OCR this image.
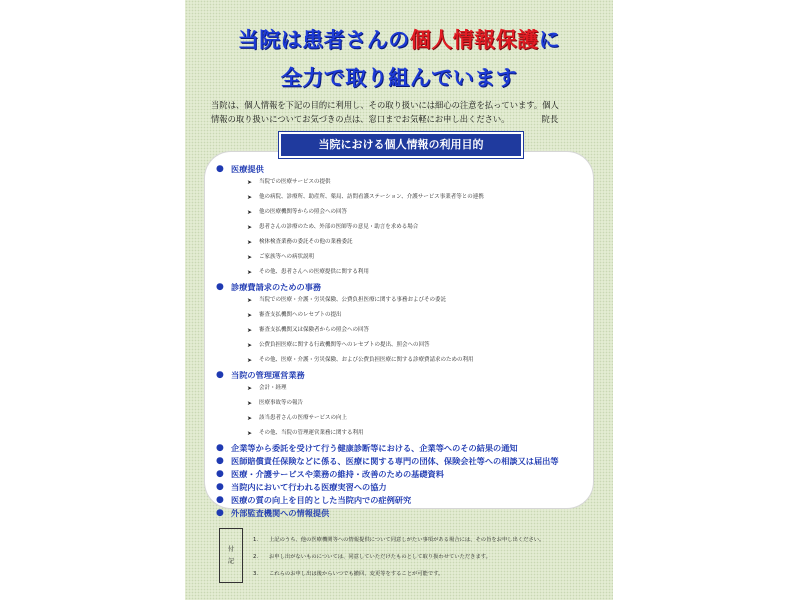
当院は患者さんの個人情報保護に
全力で取り組んでいます
当院は、個人情報を下記の目的に利用し、その取り扱いには細心の注意を払っています。個人
情報の取り扱いについてお気づきの点は、窓口までお気軽にお申し出ください。	院長
当院における個人情報の利用目的
● 医療提供
➤ 当院での医療サービスの提供
➤ 他の病院、診療所、助産所、薬局、訪問看護ステーション、介護サービス事業者等との連携
➤ 他の医療機関等からの照会への回答
➤ 患者さんの診療のため、外部の医師等の意見・助言を求める場合
➤ 検体検査業務の委託その他の業務委託
➤ ご家族等への病状説明
➤ その他、患者さんへの医療提供に関する利用
● 診療費請求のための事務
➤ 当院での医療・介護・労災保険、公費負担医療に関する事務およびその委託
➤ 審査支払機関へのレセプトの提出
➤ 審査支払機関又は保険者からの照会への回答
➤ 公費負担医療に関する行政機関等へのレセプトの提出、照会への回答
➤ その他、医療・介護・労災保険、および公費負担医療に関する診療費請求のための利用
● 当院の管理運営業務
➤ 会計・経理
➤ 医療事故等の報告
➤ 該当患者さんの医療サービスの向上
➤ その他、当院の管理運営業務に関する利用
● 企業等から委託を受けて行う健康診断等における、企業等へのその結果の通知
● 医師賠償責任保険などに係る、医療に関する専門の団体、保険会社等への相談又は届出等
● 医療・介護サービスや業務の維持・改善のための基礎資料
● 当院内において行われる医療実習への協力
● 医療の質の向上を目的とした当院内での症例研究
● 外部監査機関への情報提供
付
記
1. 上記のうち、他の医療機関等への情報提供について同意しがたい事項がある場合には、その旨をお申し出ください。
2. お申し出がないものについては、同意していただけたものとして取り扱わせていただきます。
3. これらのお申し出は後からいつでも撤回、変更等をすることが可能です。
